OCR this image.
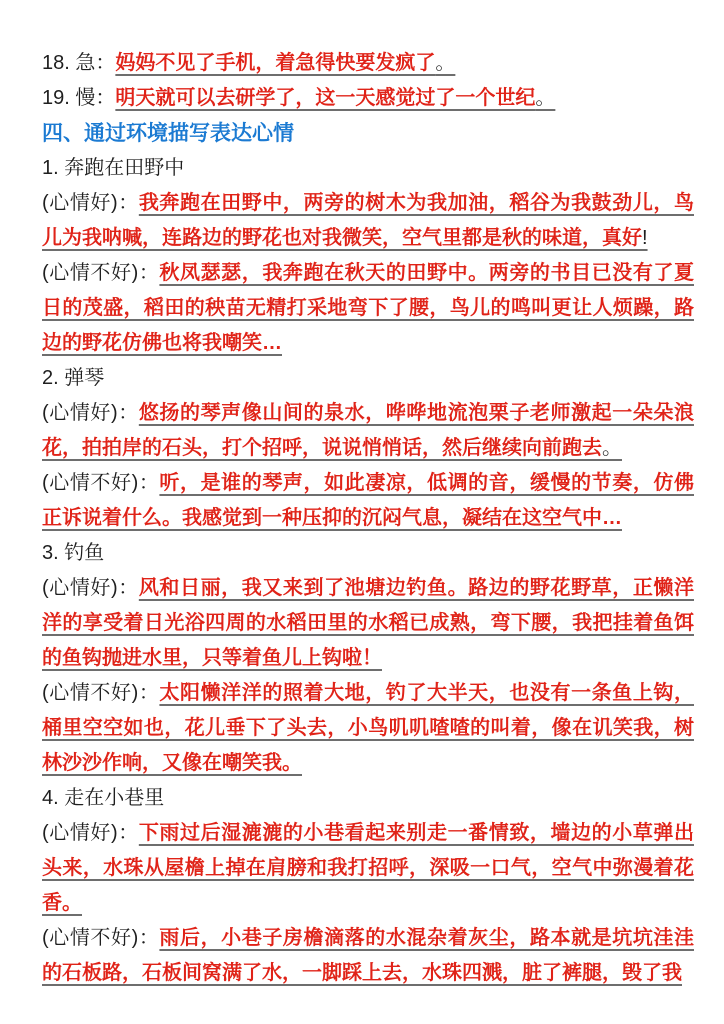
18. 急：妈妈不见了手机，着急得快要发疯了。

19. 慢：明天就可以去研学了，这一天感觉过了一个世纪。

四、通过环境描写表达心情
1. 奔跑在田野中

(心情好)：我奔跑在田野中，两旁的树木为我加油，稻谷为我鼓劲儿，鸟儿为我呐喊，连路边的野花也对我微笑，空气里都是秋的味道，真好!

(心情不好)：秋凤瑟瑟，我奔跑在秋天的田野中。两旁的书目已没有了夏日的茂盛，稻田的秧苗无精打采地弯下了腰，鸟儿的鸣叫更让人烦躁，路边的野花仿佛也将我嘲笑…

2. 弹琴

(心情好)：悠扬的琴声像山间的泉水，哗哗地流泡栗子老师激起一朵朵浪花，拍拍岸的石头，打个招呼，说说悄悄话，然后继续向前跑去。

(心情不好)：听，是谁的琴声，如此凄凉，低调的音，缓慢的节奏，仿佛正诉说着什么。我感觉到一种压抑的沉闷气息，凝结在这空气中…

3. 钓鱼

(心情好)：风和日丽，我又来到了池塘边钓鱼。路边的野花野草，正懒洋洋的享受着日光浴四周的水稻田里的水稻已成熟，弯下腰，我把挂着鱼饵的鱼钩抛进水里，只等着鱼儿上钩啦！

(心情不好)：太阳懒洋洋的照着大地，钓了大半天，也没有一条鱼上钩，桶里空空如也，花儿垂下了头去，小鸟叽叽喳喳的叫着，像在讥笑我，树林沙沙作响，又像在嘲笑我。

4. 走在小巷里

(心情好)：下雨过后湿漉漉的小巷看起来别走一番情致，墙边的小草弹出头来，水珠从屋檐上掉在肩膀和我打招呼，深吸一口气，空气中弥漫着花香。

(心情不好)：雨后，小巷子房檐滴落的水混杂着灰尘，路本就是坑坑洼洼的石板路，石板间窝满了水，一脚踩上去，水珠四溅，脏了裤腿，毁了我
